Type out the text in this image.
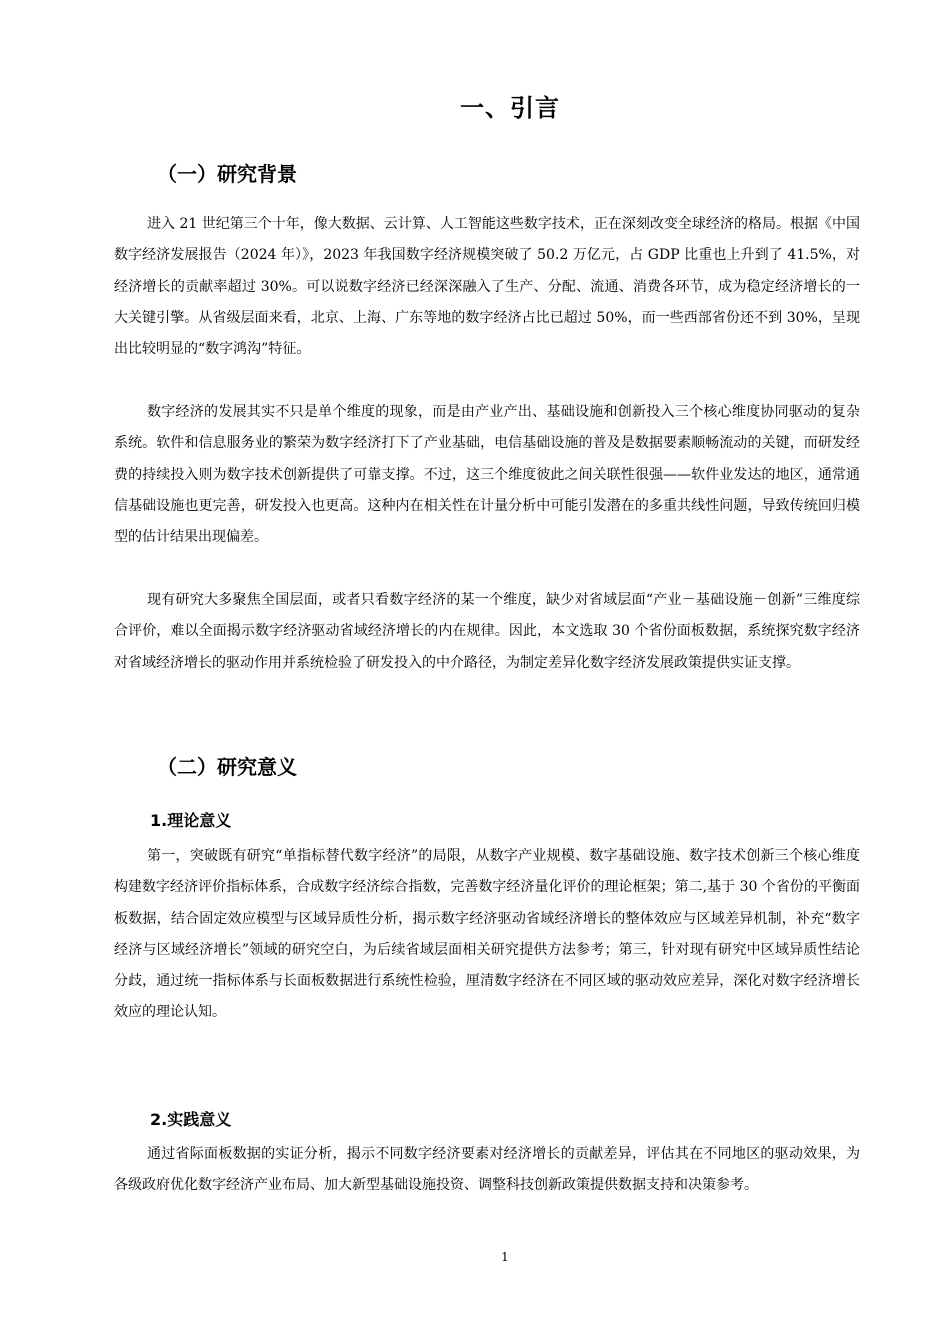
一、引言
（一）研究背景

进入 21 世纪第三个十年，像大数据、云计算、人工智能这些数字技术，正在深刻改变全球经济的格局。根据《中国数字经济发展报告（2024 年）》，2023 年我国数字经济规模突破了 50.2 万亿元，占 GDP 比重也上升到了 41.5%，对经济增长的贡献率超过 30%。可以说数字经济已经深深融入了生产、分配、流通、消费各环节，成为稳定经济增长的一大关键引擎。从省级层面来看，北京、上海、广东等地的数字经济占比已超过 50%，而一些西部省份还不到 30%，呈现出比较明显的“数字鸿沟”特征。

数字经济的发展其实不只是单个维度的现象，而是由产业产出、基础设施和创新投入三个核心维度协同驱动的复杂系统。软件和信息服务业的繁荣为数字经济打下了产业基础，电信基础设施的普及是数据要素顺畅流动的关键，而研发经费的持续投入则为数字技术创新提供了可靠支撑。不过，这三个维度彼此之间关联性很强——软件业发达的地区，通常通信基础设施也更完善，研发投入也更高。这种内在相关性在计量分析中可能引发潜在的多重共线性问题，导致传统回归模型的估计结果出现偏差。

现有研究大多聚焦全国层面，或者只看数字经济的某一个维度，缺少对省域层面“产业－基础设施－创新”三维度综合评价，难以全面揭示数字经济驱动省域经济增长的内在规律。因此，本文选取 30 个省份面板数据，系统探究数字经济对省域经济增长的驱动作用并系统检验了研发投入的中介路径，为制定差异化数字经济发展政策提供实证支撑。

（二）研究意义
1.理论意义

第一，突破既有研究“单指标替代数字经济”的局限，从数字产业规模、数字基础设施、数字技术创新三个核心维度构建数字经济评价指标体系，合成数字经济综合指数，完善数字经济量化评价的理论框架；第二,基于 30 个省份的平衡面板数据，结合固定效应模型与区域异质性分析，揭示数字经济驱动省域经济增长的整体效应与区域差异机制，补充“数字经济与区域经济增长”领域的研究空白，为后续省域层面相关研究提供方法参考；第三，针对现有研究中区域异质性结论分歧，通过统一指标体系与长面板数据进行系统性检验，厘清数字经济在不同区域的驱动效应差异，深化对数字经济增长效应的理论认知。

2.实践意义

通过省际面板数据的实证分析，揭示不同数字经济要素对经济增长的贡献差异，评估其在不同地区的驱动效果，为各级政府优化数字经济产业布局、加大新型基础设施投资、调整科技创新政策提供数据支持和决策参考。

1
